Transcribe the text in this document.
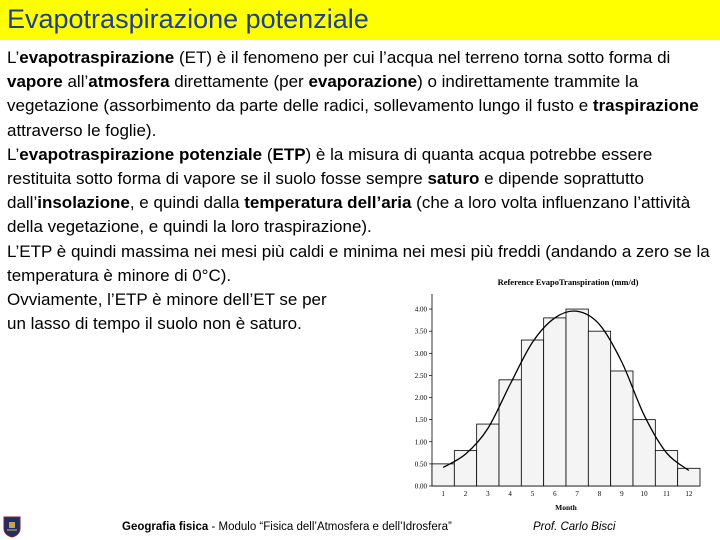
Evapotraspirazione potenziale

L’evapotraspirazione (ET) è il fenomeno per cui l’acqua nel terreno torna sotto forma di vapore all’atmosfera direttamente (per evaporazione) o indirettamente trammite la vegetazione (assorbimento da parte delle radici, sollevamento lungo il fusto e traspirazione attraverso le foglie).

L’evapotraspirazione potenziale (ETP) è la misura di quanta acqua potrebbe essere restituita sotto forma di vapore se il suolo fosse sempre saturo e dipende soprattutto dall’insolazione, e quindi dalla temperatura dell’aria (che a loro volta influenzano l’attività della vegetazione, e quindi la loro traspirazione).

L’ETP è quindi massima nei mesi più caldi e minima nei mesi più freddi (andando a zero se la temperatura è minore di 0°C).

Ovviamente, l’ETP è minore dell’ET se per
un lasso di tempo il suolo non è saturo.

Reference EvapoTranspiration (mm/d)
0.00
0.50
1.00
1.50
2.00
2.50
3.00
3.50
4.00
1	2	3	4	5	6	7	8	9 10 11 12
Month
Geografia fisica - Modulo “Fisica dell’Atmosfera e dell’Idrosfera”	Prof. Carlo Bisci
